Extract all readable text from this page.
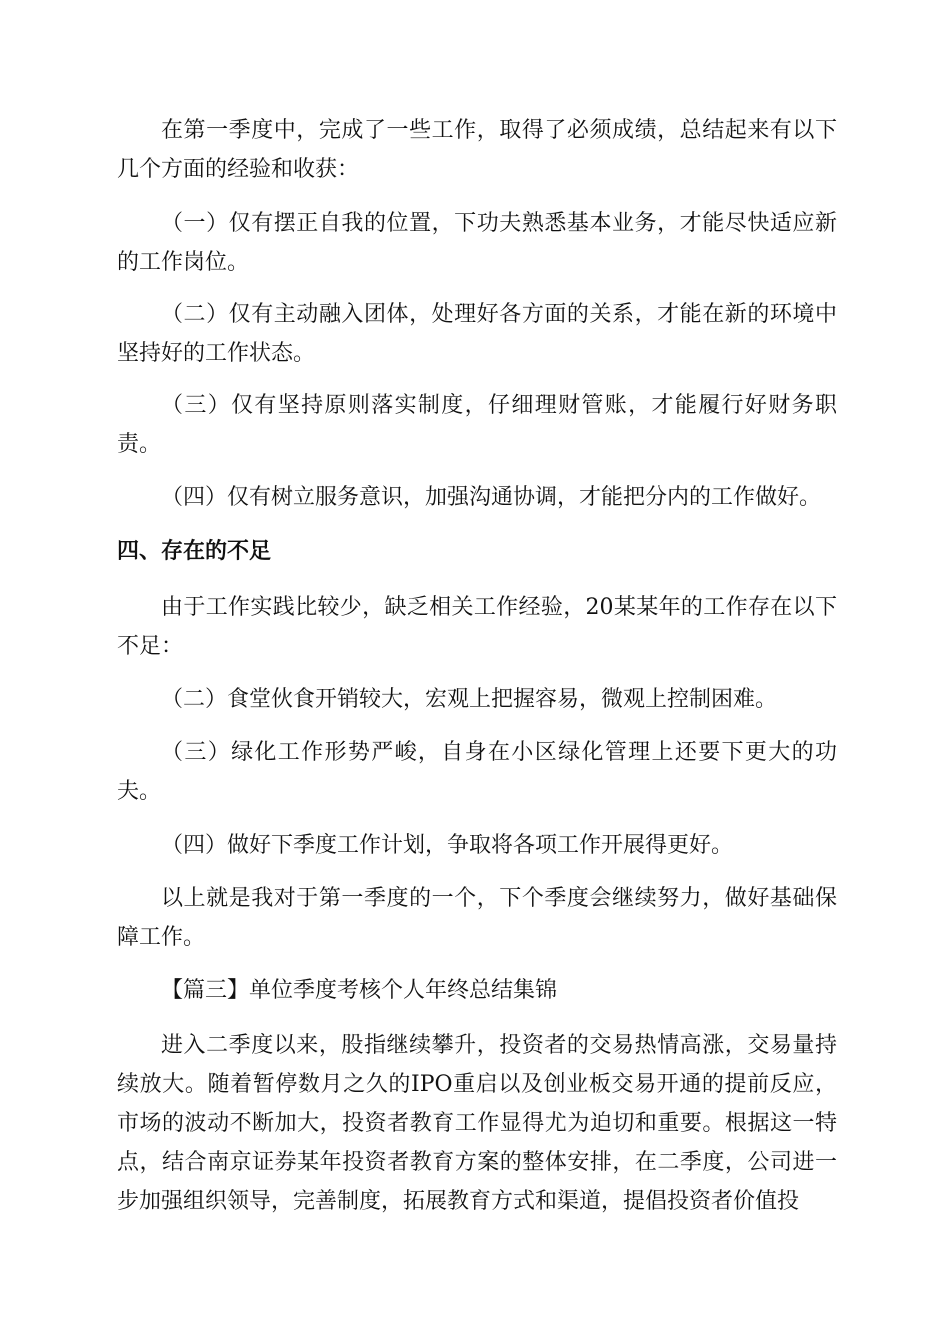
在第一季度中，完成了一些工作，取得了必须成绩，总结起来有以下几个方面的经验和收获：

（一）仅有摆正自我的位置，下功夫熟悉基本业务，才能尽快适应新的工作岗位。

（二）仅有主动融入团体，处理好各方面的关系，才能在新的环境中坚持好的工作状态。

（三）仅有坚持原则落实制度，仔细理财管账，才能履行好财务职责。

（四）仅有树立服务意识，加强沟通协调，才能把分内的工作做好。

四、存在的不足

由于工作实践比较少，缺乏相关工作经验，20某某年的工作存在以下不足：

（二）食堂伙食开销较大，宏观上把握容易，微观上控制困难。

（三）绿化工作形势严峻，自身在小区绿化管理上还要下更大的功夫。

（四）做好下季度工作计划，争取将各项工作开展得更好。

以上就是我对于第一季度的一个，下个季度会继续努力，做好基础保障工作。

【篇三】单位季度考核个人年终总结集锦

进入二季度以来，股指继续攀升，投资者的交易热情高涨，交易量持续放大。随着暂停数月之久的IPO重启以及创业板交易开通的提前反应，市场的波动不断加大，投资者教育工作显得尤为迫切和重要。根据这一特点，结合南京证券某年投资者教育方案的整体安排，在二季度，公司进一步加强组织领导，完善制度，拓展教育方式和渠道，提倡投资者价值投
